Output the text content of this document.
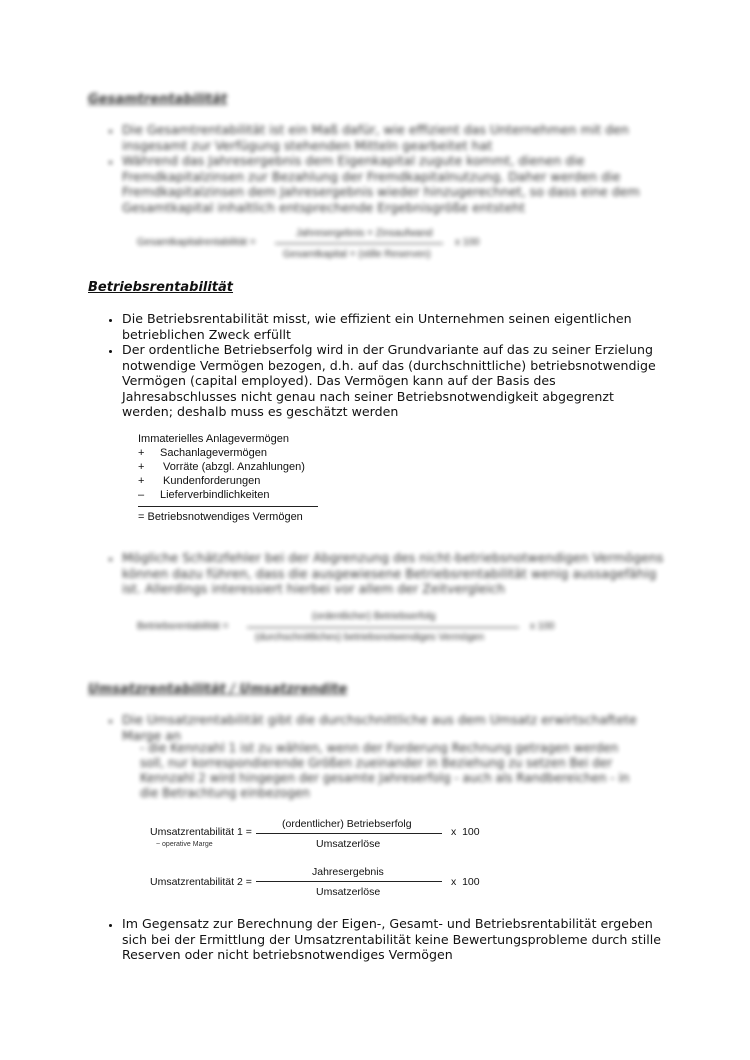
Gesamtrentabilität
• Die Gesamtrentabilität ist ein Maß dafür, wie effizient das Unternehmen mit den insgesamt zur Verfügung stehenden Mitteln gearbeitet hat
• Während das Jahresergebnis dem Eigenkapital zugute kommt, dienen die Fremdkapitalzinsen zur Bezahlung der Fremdkapitalnutzung. Daher werden die Fremdkapitalzinsen dem Jahresergebnis wieder hinzugerechnet, so dass eine dem Gesamtkapital inhaltlich entsprechende Ergebnisgröße entsteht
Gesamtkapitalrentabilität =
Jahresergebnis + Zinsaufwand
Gesamtkapital + (stille Reserven)
x 100
Betriebsrentabilität
• Die Betriebsrentabilität misst, wie effizient ein Unternehmen seinen eigentlichen betrieblichen Zweck erfüllt
• Der ordentliche Betriebserfolg wird in der Grundvariante auf das zu seiner Erzielung notwendige Vermögen bezogen, d.h. auf das (durchschnittliche) betriebsnotwendige Vermögen (capital employed). Das Vermögen kann auf der Basis des Jahresabschlusses nicht genau nach seiner Betriebsnotwendigkeit abgegrenzt werden; deshalb muss es geschätzt werden
Immaterielles Anlagevermögen
+	Sachanlagevermögen
+	Vorräte (abzgl. Anzahlungen)
+	Kundenforderungen
–	Lieferverbindlichkeiten
= Betriebsnotwendiges Vermögen
• Mögliche Schätzfehler bei der Abgrenzung des nicht-betriebsnotwendigen Vermögens können dazu führen, dass die ausgewiesene Betriebsrentabilität wenig aussagefähig ist. Allerdings interessiert hierbei vor allem der Zeitvergleich
Betriebsrentabilität =
(ordentlicher) Betriebserfolg
(durchschnittliches) betriebsnotwendiges Vermögen
x 100
Umsatzrentabilität / Umsatzrendite
• Die Umsatzrentabilität gibt die durchschnittliche aus dem Umsatz erwirtschaftete Marge an
- die Kennzahl 1 ist zu wählen, wenn der Forderung Rechnung getragen werden soll, nur korrespondierende Größen zueinander in Beziehung zu setzen Bei der Kennzahl 2 wird hingegen der gesamte Jahreserfolg - auch als Randbereichen - in die Betrachtung einbezogen
Umsatzrentabilität 1 =
~ operative Marge
(ordentlicher) Betriebserfolg
Umsatzerlöse
x  100
Umsatzrentabilität 2 =
Jahresergebnis
Umsatzerlöse
x  100
• Im Gegensatz zur Berechnung der Eigen-, Gesamt- und Betriebsrentabilität ergeben sich bei der Ermittlung der Umsatzrentabilität keine Bewertungsprobleme durch stille Reserven oder nicht betriebsnotwendiges Vermögen
